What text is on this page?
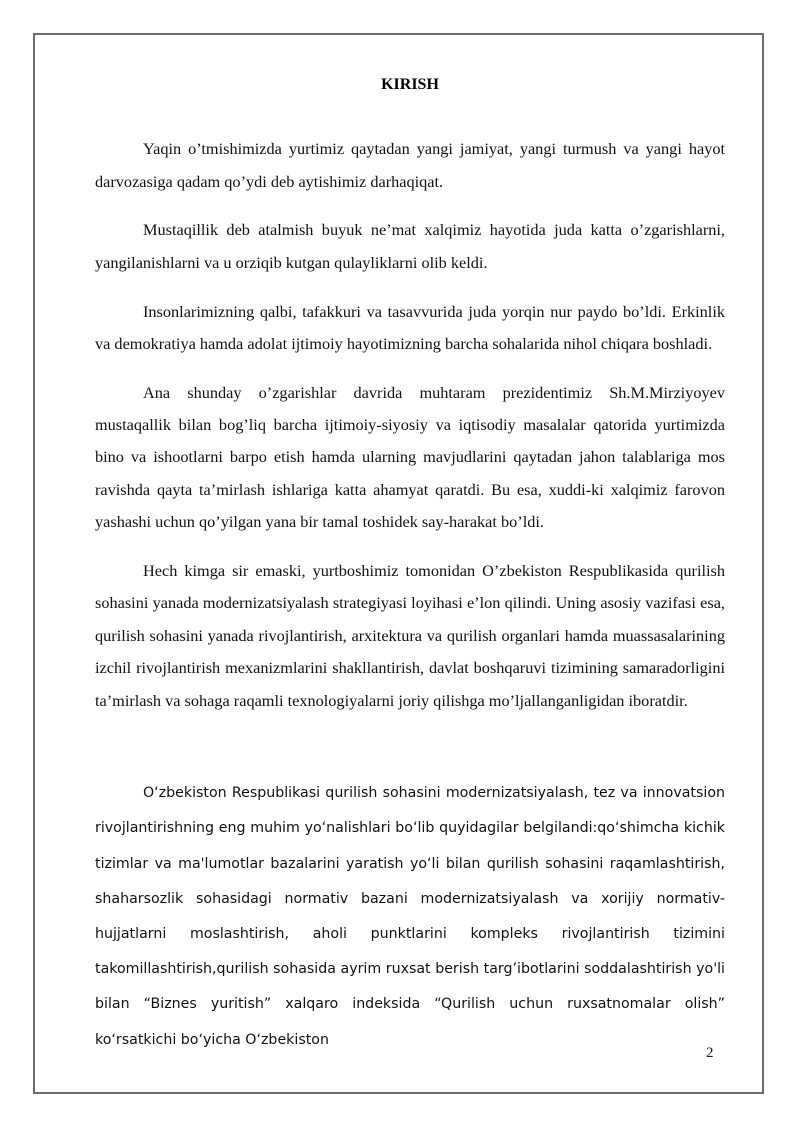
KIRISH

Yaqin o’tmishimizda yurtimiz qaytadan yangi jamiyat, yangi turmush va yangi hayot darvozasiga qadam qo’ydi deb aytishimiz darhaqiqat.

Mustaqillik deb atalmish buyuk ne’mat xalqimiz hayotida juda katta o’zgarishlarni, yangilanishlarni va u orziqib kutgan qulayliklarni olib keldi.

Insonlarimizning qalbi, tafakkuri va tasavvurida juda yorqin nur paydo bo’ldi. Erkinlik va demokratiya hamda adolat ijtimoiy hayotimizning barcha sohalarida nihol chiqara boshladi.

Ana shunday o’zgarishlar davrida muhtaram prezidentimiz Sh.M.Mirziyoyev mustaqallik bilan bog’liq barcha ijtimoiy-siyosiy va iqtisodiy masalalar qatorida yurtimizda bino va ishootlarni barpo etish hamda ularning mavjudlarini qaytadan jahon talablariga mos ravishda qayta ta’mirlash ishlariga katta ahamyat qaratdi. Bu esa, xuddi-ki xalqimiz farovon yashashi uchun qo’yilgan yana bir tamal toshidek say-harakat bo’ldi.

Hech kimga sir emaski, yurtboshimiz tomonidan O’zbekiston Respublikasida qurilish sohasini yanada modernizatsiyalash strategiyasi loyihasi e’lon qilindi. Uning asosiy vazifasi esa, qurilish sohasini yanada rivojlantirish, arxitektura va qurilish organlari hamda muassasalarining izchil rivojlantirish mexanizmlarini shakllantirish, davlat boshqaruvi tizimining samaradorligini ta’mirlash va sohaga raqamli texnologiyalarni joriy qilishga mo’ljallanganligidan iboratdir.

O‘zbekiston Respublikasi qurilish sohasini modernizatsiyalash, tez va innovatsion rivojlantirishning eng muhim yo‘nalishlari bo‘lib quyidagilar belgilandi:qo‘shimcha kichik tizimlar va ma'lumotlar bazalarini yaratish yo‘li bilan qurilish sohasini raqamlashtirish, shaharsozlik sohasidagi normativ bazani modernizatsiyalash va xorijiy normativ-hujjatlarni moslashtirish, aholi punktlarini kompleks rivojlantirish tizimini takomillashtirish,qurilish sohasida ayrim ruxsat berish targ’ibotlarini soddalashtirish yo'li bilan “Biznes yuritish” xalqaro indeksida “Qurilish uchun ruxsatnomalar olish” ko‘rsatkichi bo‘yicha O‘zbekiston

2
